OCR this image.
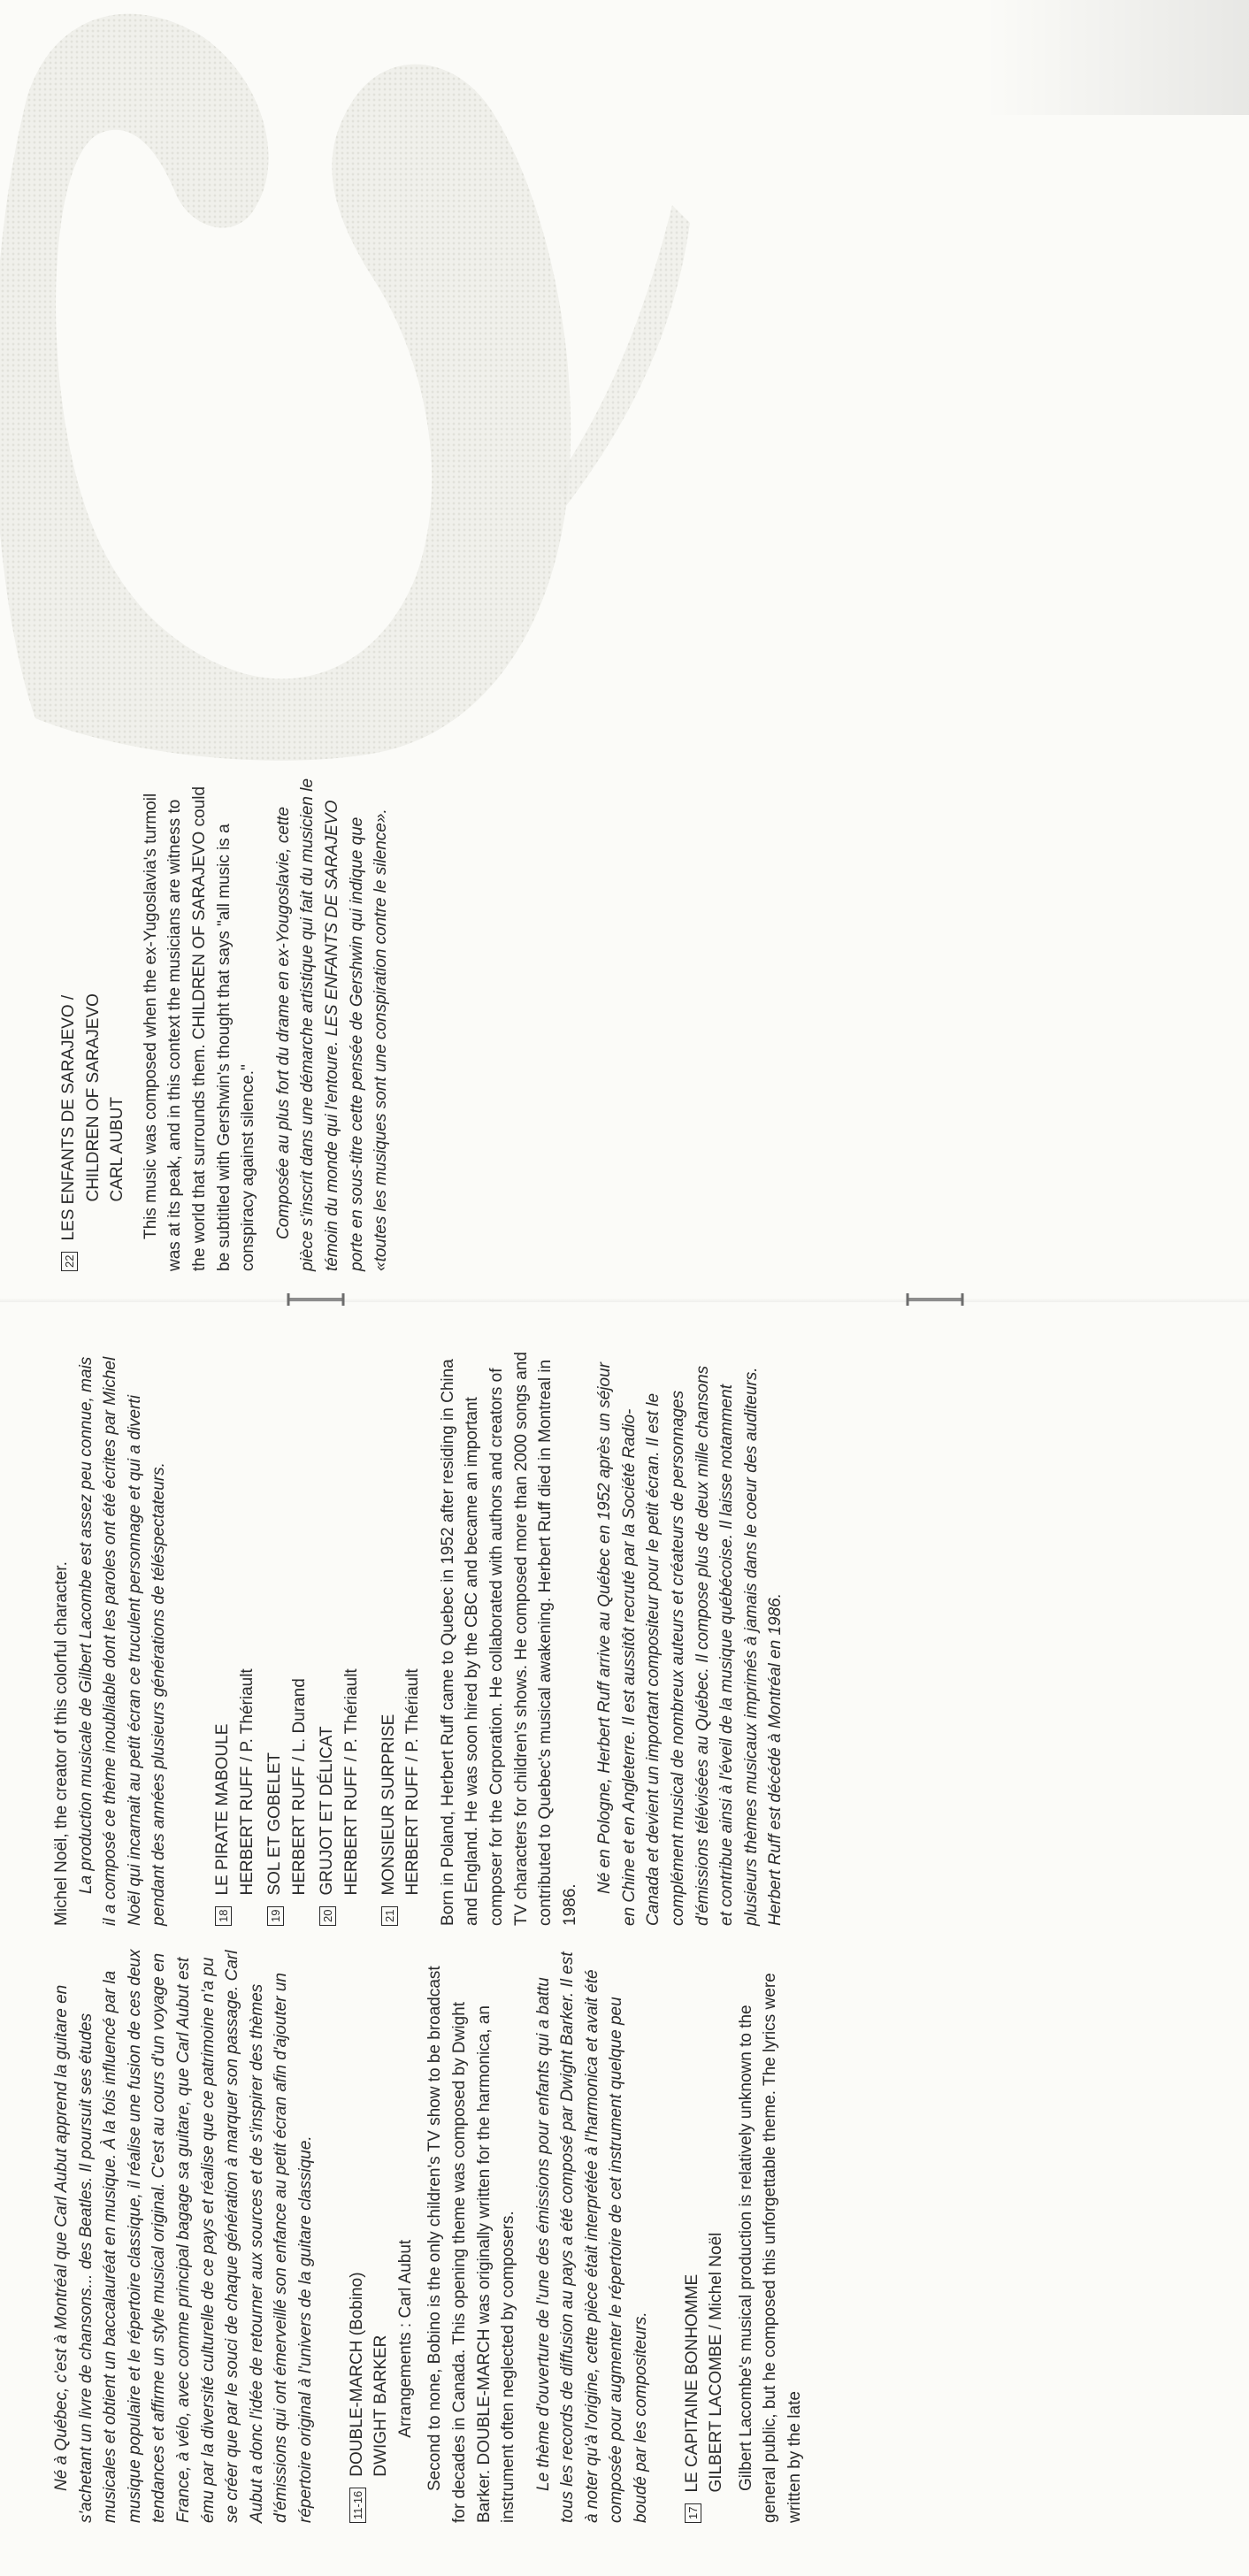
Né à Québec, c'est à Montréal que Carl Aubut apprend la guitare en s'achetant un livre de chansons... des Beatles. Il poursuit ses études musicales et obtient un baccalauréat en musique. À la fois influencé par la musique populaire et le répertoire classique, il réalise une fusion de ces deux tendances et affirme un style musical original. C'est au cours d'un voyage en France, à vélo, avec comme principal bagage sa guitare, que Carl Aubut est ému par la diversité culturelle de ce pays et réalise que ce patrimoine n'a pu se créer que par le souci de chaque génération à marquer son passage. Carl Aubut a donc l'idée de retourner aux sources et de s'inspirer des thèmes d'émissions qui ont émerveillé son enfance au petit écran afin d'ajouter un répertoire original à l'univers de la guitare classique.	11-16
DOUBLE-MARCH (Bobino) DWIGHT BARKER Arrangements : Carl Aubut Second to none, Bobino is the only children's TV show to be broadcast for decades in Canada. This opening theme was composed by Dwight Barker. DOUBLE-MARCH was originally written for the harmonica, an instrument often neglected by composers. Le thème d'ouverture de l'une des émissions pour enfants qui a battu tous les records de diffusion au pays a été composé par Dwight Barker. Il est à noter qu'à l'origine, cette pièce était interprétée à l'harmonica et avait été composée pour augmenter le répertoire de cet instrument quelque peu boudé par les compositeurs.	17
LE CAPITAINE BONHOMME GILBERT LACOMBE / Michel Noël Gilbert Lacombe's musical production is relatively unknown to the general public, but he composed this unforgettable theme. The lyrics were written by the late

Michel Noël, the creator of this colorful character. La production musicale de Gilbert Lacombe est assez peu connue, mais il a composé ce thème inoubliable dont les paroles ont été écrites par Michel Noël qui incarnait au petit écran ce truculent personnage et qui a diverti pendant des années plusieurs générations de téléspectateurs.	18
LE PIRATE MABOULE HERBERT RUFF / P. Thériault
19
SOL ET GOBELET HERBERT RUFF / L. Durand
20
GRUJOT ET DÉLICAT HERBERT RUFF / P. Thériault
21
MONSIEUR SURPRISE HERBERT RUFF / P. Thériault Born in Poland, Herbert Ruff came to Quebec in 1952 after residing in China and England. He was soon hired by the CBC and became an important composer for the Corporation. He collaborated with authors and creators of TV characters for children's shows. He composed more than 2000 songs and contributed to Quebec's musical awakening. Herbert Ruff died in Montreal in 1986.

Né en Pologne, Herbert Ruff arrive au Québec en 1952 après un séjour en Chine et en Angleterre. Il est aussitôt recruté par la Société Radio-Canada et devient un important compositeur pour le petit écran. Il est le complément musical de nombreux auteurs et créateurs de personnages d'émissions télévisées au Québec. Il compose plus de deux mille chansons et contribue ainsi à l'éveil de la musique québécoise. Il laisse notamment plusieurs thèmes musicaux imprimés à jamais dans le coeur des auditeurs. Herbert Ruff est décédé à Montréal en 1986.

22
LES ENFANTS DE SARAJEVO / CHILDREN OF SARAJEVO CARL AUBUT This music was composed when the ex-Yugoslavia's turmoil was at its peak, and in this context the musicians are witness to the world that surrounds them. CHILDREN OF SARAJEVO could be subtitled with Gershwin's thought that says "all music is a conspiracy against silence." Composée au plus fort du drame en ex-Yougoslavie, cette pièce s'inscrit dans une démarche artistique qui fait du musicien le témoin du monde qui l'entoure. LES ENFANTS DE SARAJEVO porte en sous-titre cette pensée de Gershwin qui indique que «toutes les musiques sont une conspiration contre le silence».
